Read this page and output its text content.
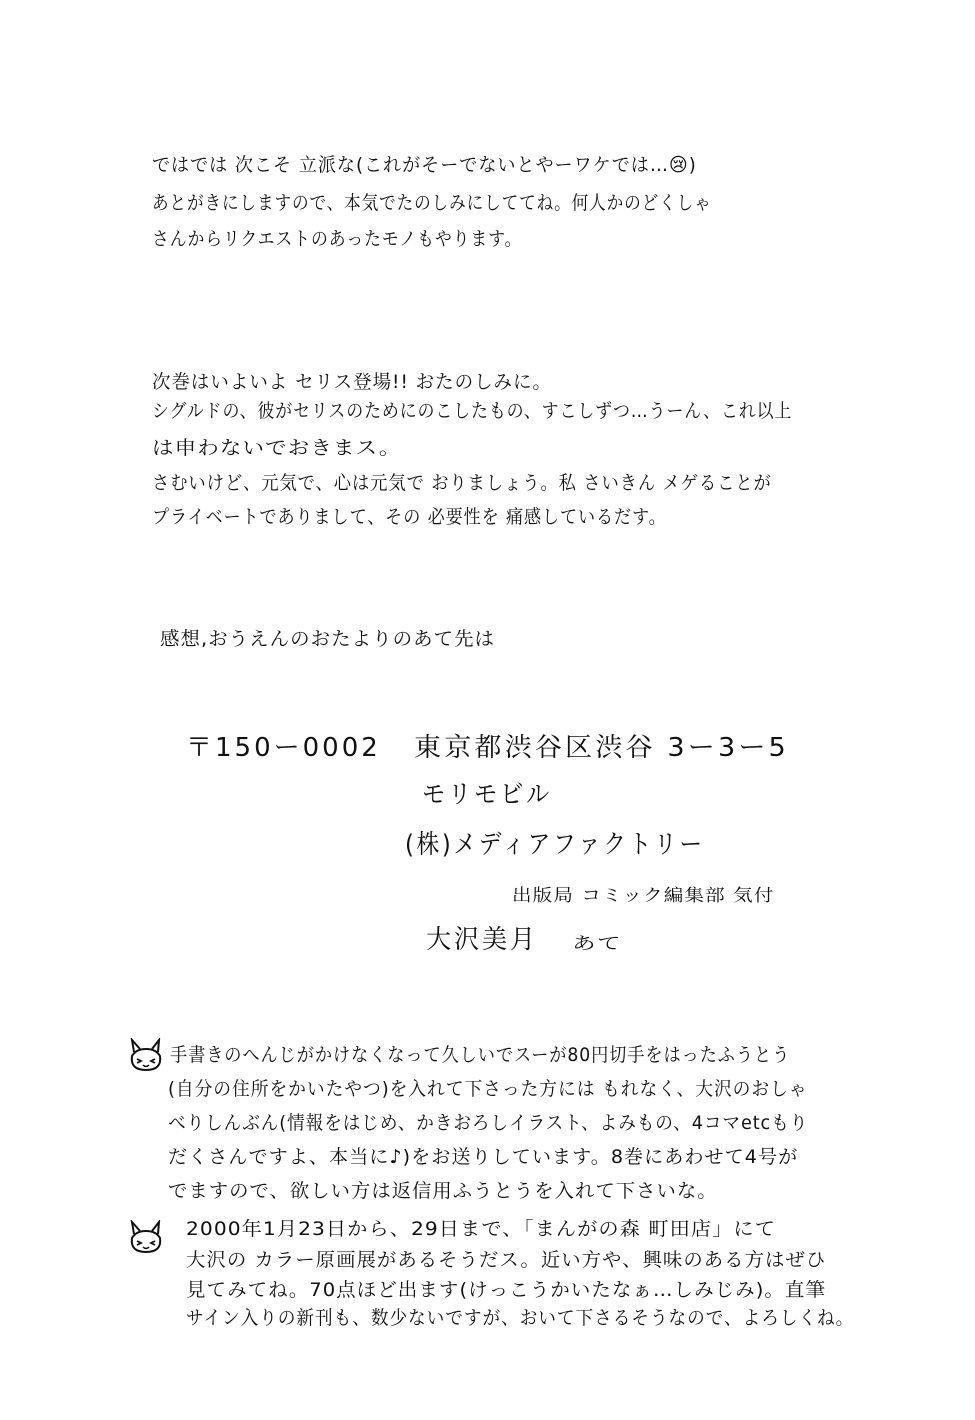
ではでは 次こそ 立派な(これがそーでないとやーワケでは…😢)

あとがきにしますので、本気でたのしみにしててね。何人かのどくしゃ

さんからリクエストのあったモノもやります。

次巻はいよいよ セリス登場!! おたのしみに。

シグルドの、彼がセリスのためにのこしたもの、すこしずつ…うーん、これ以上

は申わないでおきまス。

さむいけど、元気で、心は元気で おりましょう。私 さいきん メゲることが

プライベートでありまして、その 必要性を 痛感しているだす。

感想,おうえんのおたよりのあて先は

〒150ー0002 東京都渋谷区渋谷 3ー3ー5

モリモビル

(株)メディアファクトリー

出版局 コミック編集部 気付

大沢美月 あて

手書きのへんじがかけなくなって久しいでスーが80円切手をはったふうとう

(自分の住所をかいたやつ)を入れて下さった方には もれなく、大沢のおしゃ

べりしんぶん(情報をはじめ、かきおろしイラスト、よみもの、4コマetcもり

だくさんですよ、本当に♪)をお送りしています。8巻にあわせて4号が

でますので、欲しい方は返信用ふうとうを入れて下さいな。

2000年1月23日から、29日まで、「まんがの森 町田店」にて

大沢の カラー原画展があるそうだス。近い方や、興味のある方はぜひ

見てみてね。70点ほど出ます(けっこうかいたなぁ…しみじみ)。直筆

サイン入りの新刊も、数少ないですが、おいて下さるそうなので、よろしくね。
